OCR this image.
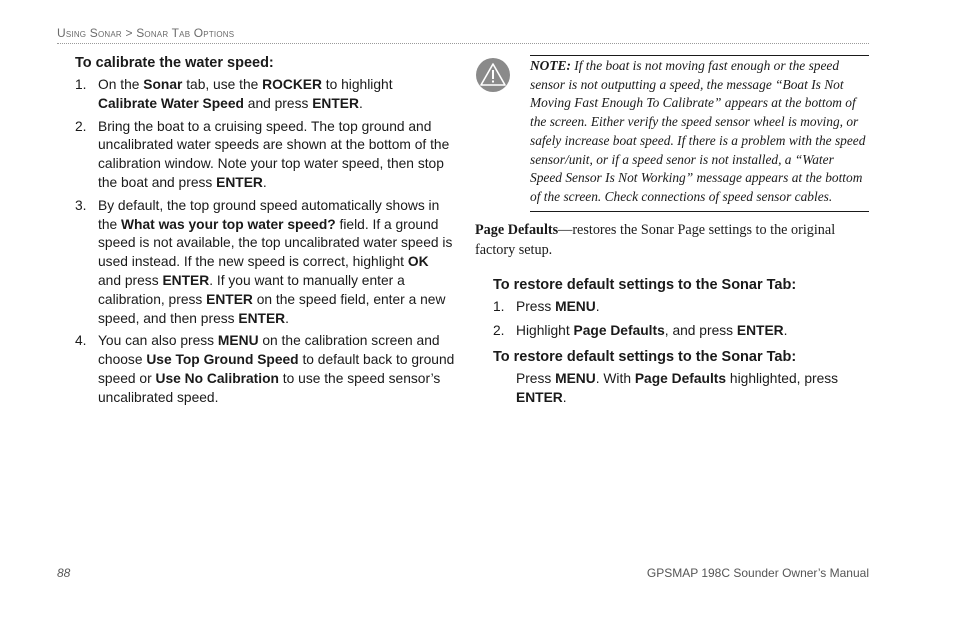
Using Sonar > Sonar Tab Options
To calibrate the water speed:
1. On the Sonar tab, use the ROCKER to highlight Calibrate Water Speed and press ENTER.
2. Bring the boat to a cruising speed. The top ground and uncalibrated water speeds are shown at the bottom of the calibration window. Note your top water speed, then stop the boat and press ENTER.
3. By default, the top ground speed automatically shows in the What was your top water speed? field. If a ground speed is not available, the top uncalibrated water speed is used instead. If the new speed is correct, highlight OK and press ENTER. If you want to manually enter a calibration, press ENTER on the speed field, enter a new speed, and then press ENTER.
4. You can also press MENU on the calibration screen and choose Use Top Ground Speed to default back to ground speed or Use No Calibration to use the speed sensor’s uncalibrated speed.
NOTE: If the boat is not moving fast enough or the speed sensor is not outputting a speed, the message “Boat Is Not Moving Fast Enough To Calibrate” appears at the bottom of the screen. Either verify the speed sensor wheel is moving, or safely increase boat speed. If there is a problem with the speed sensor/unit, or if a speed senor is not installed, a “Water Speed Sensor Is Not Working” message appears at the bottom of the screen. Check connections of speed sensor cables.
Page Defaults—restores the Sonar Page settings to the original factory setup.
To restore default settings to the Sonar Tab:
1. Press MENU.
2. Highlight Page Defaults, and press ENTER.
To restore default settings to the Sonar Tab:
Press MENU. With Page Defaults highlighted, press ENTER.
88	GPSMAP 198C Sounder Owner’s Manual
